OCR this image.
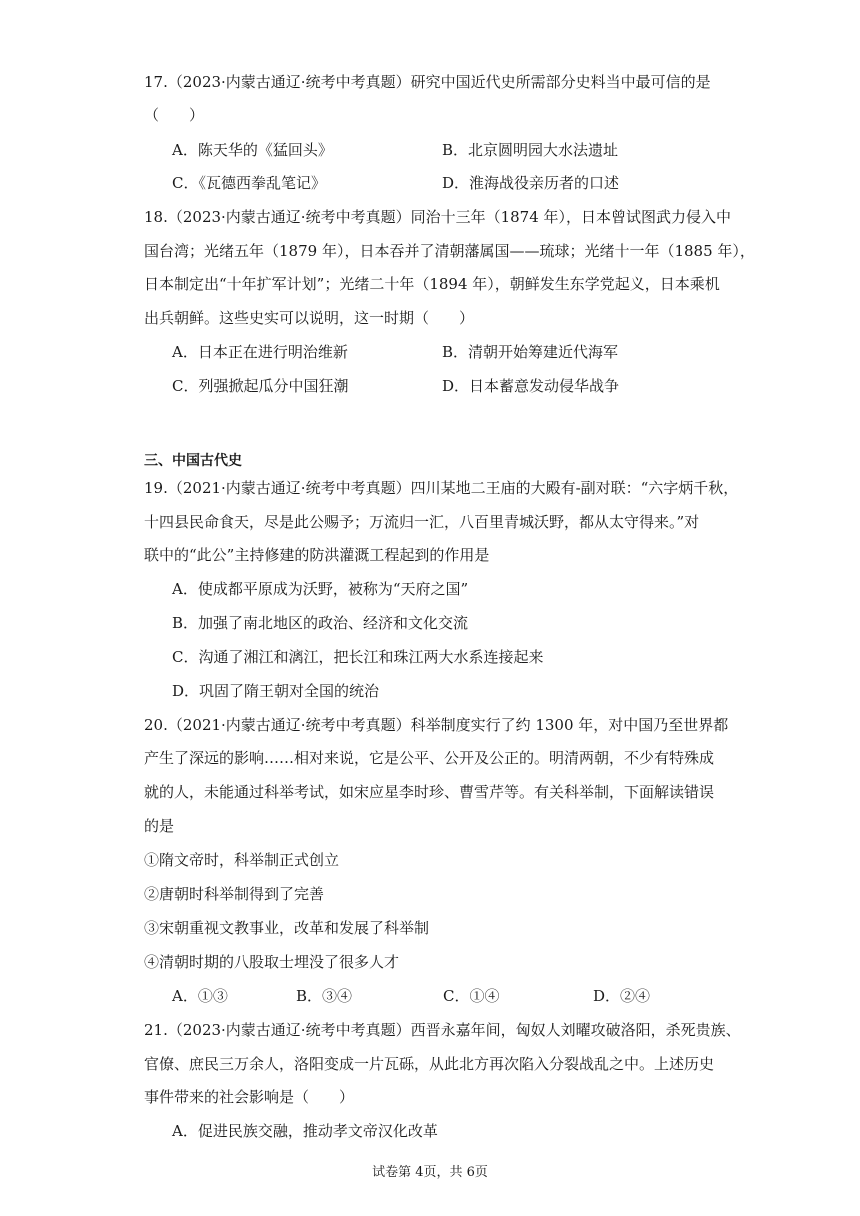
17.（2023·内蒙古通辽·统考中考真题）研究中国近代史所需部分史料当中最可信的是
（　　）
A．陈天华的《猛回头》	B．北京圆明园大水法遗址
C．《瓦德西拳乱笔记》	D．淮海战役亲历者的口述
18.（2023·内蒙古通辽·统考中考真题）同治十三年（1874 年），日本曾试图武力侵入中
国台湾；光绪五年（1879 年），日本吞并了清朝藩属国——琉球；光绪十一年（1885 年），
日本制定出“十年扩军计划”；光绪二十年（1894 年），朝鲜发生东学党起义，日本乘机
出兵朝鲜。这些史实可以说明，这一时期（　　）
A．日本正在进行明治维新	B．清朝开始筹建近代海军
C．列强掀起瓜分中国狂潮	D．日本蓄意发动侵华战争
三、中国古代史
19.（2021·内蒙古通辽·统考中考真题）四川某地二王庙的大殿有-副对联：“六字炳千秋，
十四县民命食天，尽是此公赐予；万流归一汇，八百里青城沃野，都从太守得来。”对
联中的“此公”主持修建的防洪灌溉工程起到的作用是
A．使成都平原成为沃野，被称为“天府之国”
B．加强了南北地区的政治、经济和文化交流
C．沟通了湘江和漓江，把长江和珠江两大水系连接起来
D．巩固了隋王朝对全国的统治
20.（2021·内蒙古通辽·统考中考真题）科举制度实行了约 1300 年，对中国乃至世界都
产生了深远的影响……相对来说，它是公平、公开及公正的。明清两朝，不少有特殊成
就的人，未能通过科举考试，如宋应星李时珍、曹雪芹等。有关科举制，下面解读错误
的是
①隋文帝时，科举制正式创立
②唐朝时科举制得到了完善
③宋朝重视文教事业，改革和发展了科举制
④清朝时期的八股取士埋没了很多人才
A．①③	B．③④	C．①④	D．②④
21.（2023·内蒙古通辽·统考中考真题）西晋永嘉年间，匈奴人刘曜攻破洛阳，杀死贵族、
官僚、庶民三万余人，洛阳变成一片瓦砾，从此北方再次陷入分裂战乱之中。上述历史
事件带来的社会影响是（　　）
A．促进民族交融，推动孝文帝汉化改革
试卷第 4页，共 6页
